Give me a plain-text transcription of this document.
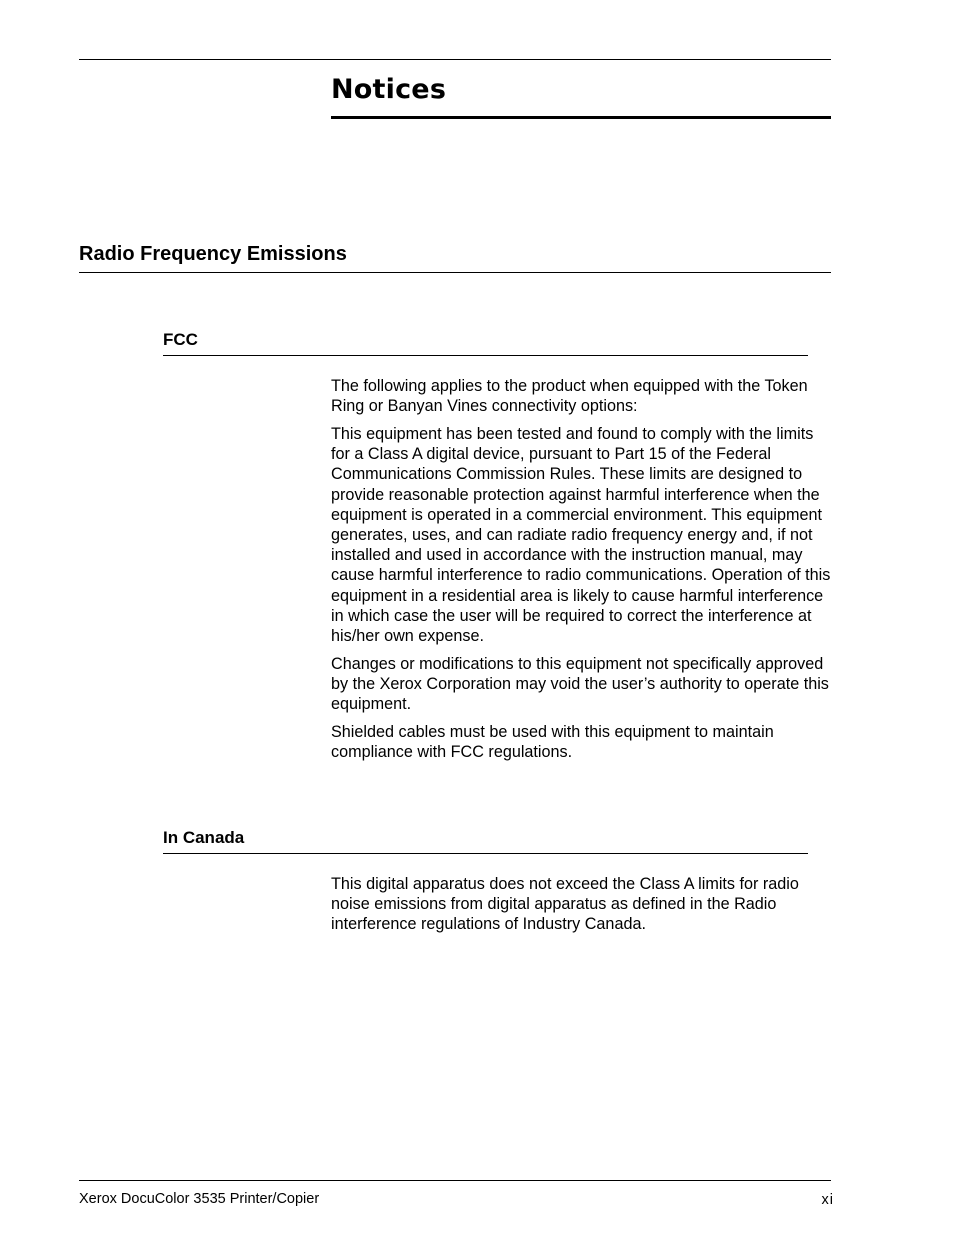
Notices
Radio Frequency Emissions
FCC

The following applies to the product when equipped with the Token Ring or Banyan Vines connectivity options:

This equipment has been tested and found to comply with the limits for a Class A digital device, pursuant to Part 15 of the Federal Communications Commission Rules. These limits are designed to provide reasonable protection against harmful interference when the equipment is operated in a commercial environment. This equipment generates, uses, and can radiate radio frequency energy and, if not installed and used in accordance with the instruction manual, may cause harmful interference to radio communications. Operation of this equipment in a residential area is likely to cause harmful interference in which case the user will be required to correct the interference at his/her own expense.

Changes or modifications to this equipment not specifically approved by the Xerox Corporation may void the user’s authority to operate this equipment.

Shielded cables must be used with this equipment to maintain compliance with FCC regulations.

In Canada

This digital apparatus does not exceed the Class A limits for radio noise emissions from digital apparatus as defined in the Radio interference regulations of Industry Canada.

Xerox DocuColor 3535 Printer/Copier	xi
